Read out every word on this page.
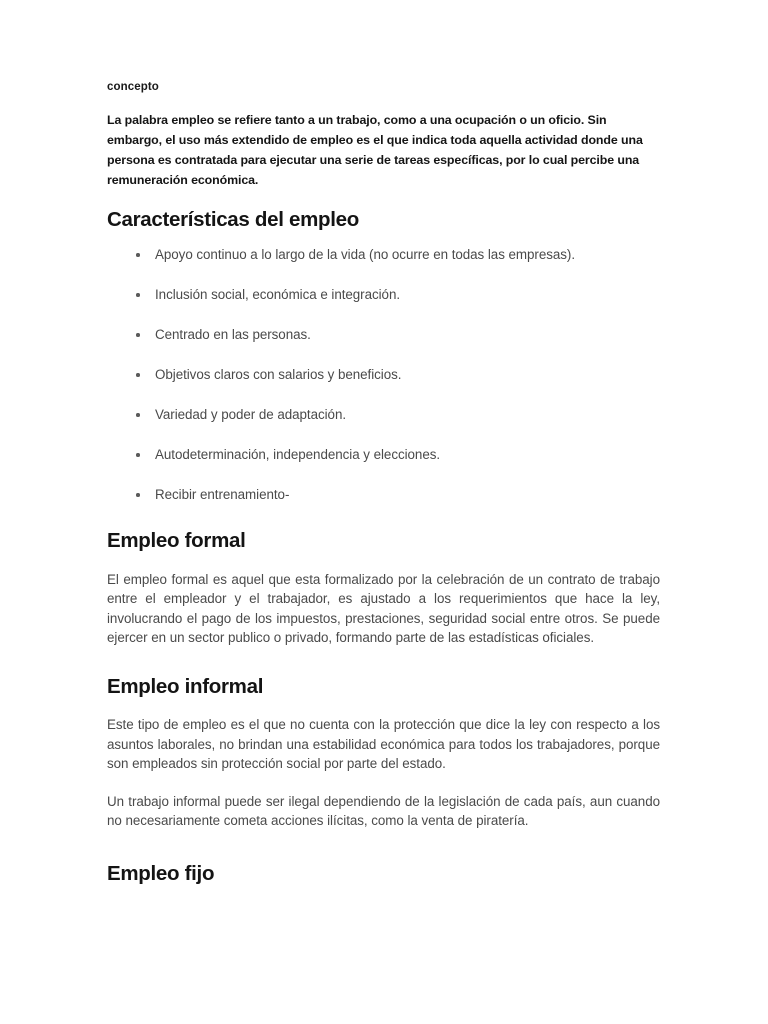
concepto

La palabra empleo se refiere tanto a un trabajo, como a una ocupación o un oficio. Sin embargo, el uso más extendido de empleo es el que indica toda aquella actividad donde una persona es contratada para ejecutar una serie de tareas específicas, por lo cual percibe una remuneración económica.

Características del empleo
Apoyo continuo a lo largo de la vida (no ocurre en todas las empresas).
Inclusión social, económica e integración.
Centrado en las personas.
Objetivos claros con salarios y beneficios.
Variedad y poder de adaptación.
Autodeterminación, independencia y elecciones.
Recibir entrenamiento-
Empleo formal

El empleo formal es aquel que esta formalizado por la celebración de un contrato de trabajo entre el empleador y el trabajador, es ajustado a los requerimientos que hace la ley, involucrando el pago de los impuestos, prestaciones, seguridad social entre otros. Se puede ejercer en un sector publico o privado, formando parte de las estadísticas oficiales.

Empleo informal

Este tipo de empleo es el que no cuenta con la protección que dice la ley con respecto a los asuntos laborales, no brindan una estabilidad económica para todos los trabajadores, porque son empleados sin protección social por parte del estado.

Un trabajo informal puede ser ilegal dependiendo de la legislación de cada país, aun cuando no necesariamente cometa acciones ilícitas, como la venta de piratería.

Empleo fijo
